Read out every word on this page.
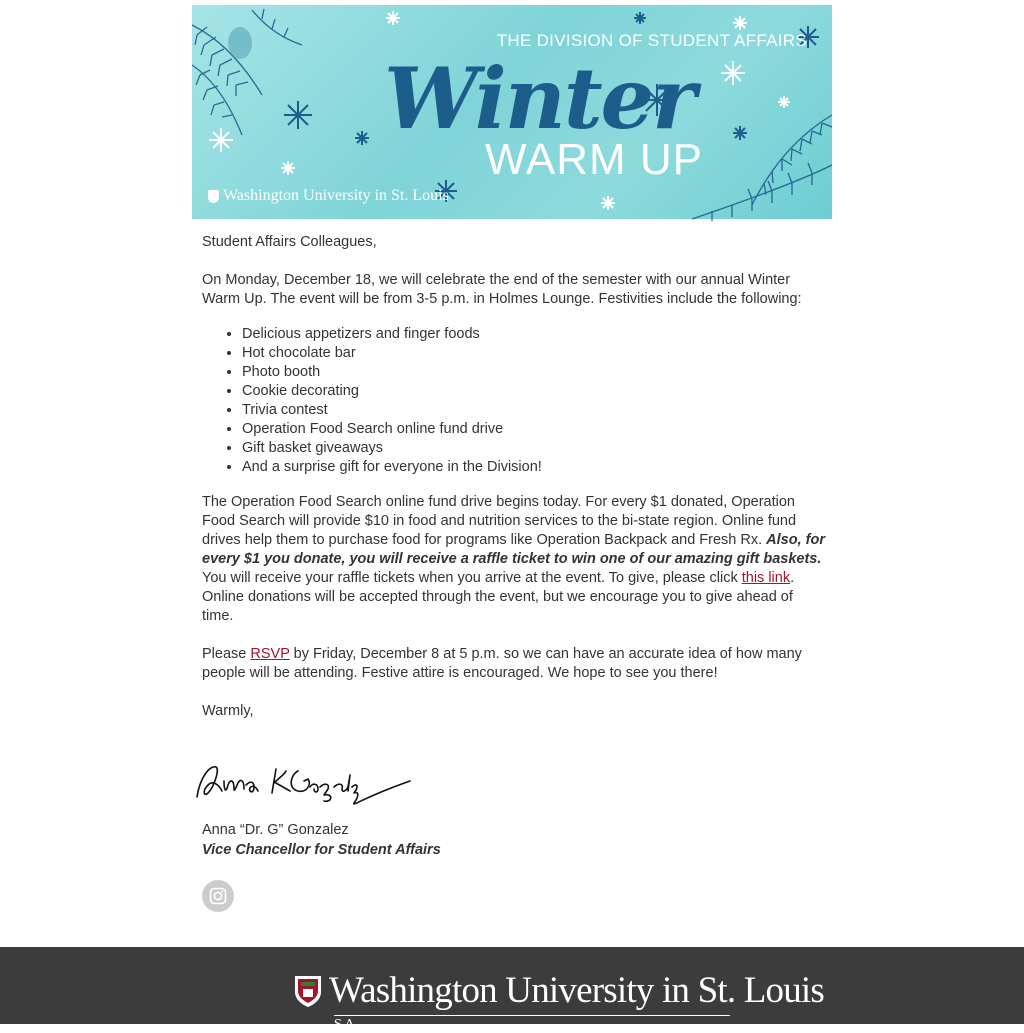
THE DIVISION OF STUDENT AFFAIRS
Winter
WARM UP
Washington University in St. Louis

Student Affairs Colleagues,

On Monday, December 18, we will celebrate the end of the semester with our annual Winter Warm Up. The event will be from 3-5 p.m. in Holmes Lounge. Festivities include the following:

• Delicious appetizers and finger foods
• Hot chocolate bar
• Photo booth
• Cookie decorating
• Trivia contest
• Operation Food Search online fund drive
• Gift basket giveaways
• And a surprise gift for everyone in the Division!

The Operation Food Search online fund drive begins today. For every $1 donated, Operation Food Search will provide $10 in food and nutrition services to the bi-state region. Online fund drives help them to purchase food for programs like Operation Backpack and Fresh Rx. Also, for every $1 you donate, you will receive a raffle ticket to win one of our amazing gift baskets. You will receive your raffle tickets when you arrive at the event. To give, please click this link. Online donations will be accepted through the event, but we encourage you to give ahead of time.

Please RSVP by Friday, December 8 at 5 p.m. so we can have an accurate idea of how many people will be attending. Festive attire is encouraged. We hope to see you there!

Warmly,

Anna “Dr. G” Gonzalez
Vice Chancellor for Student Affairs
Washington University in St. Louis
S A
